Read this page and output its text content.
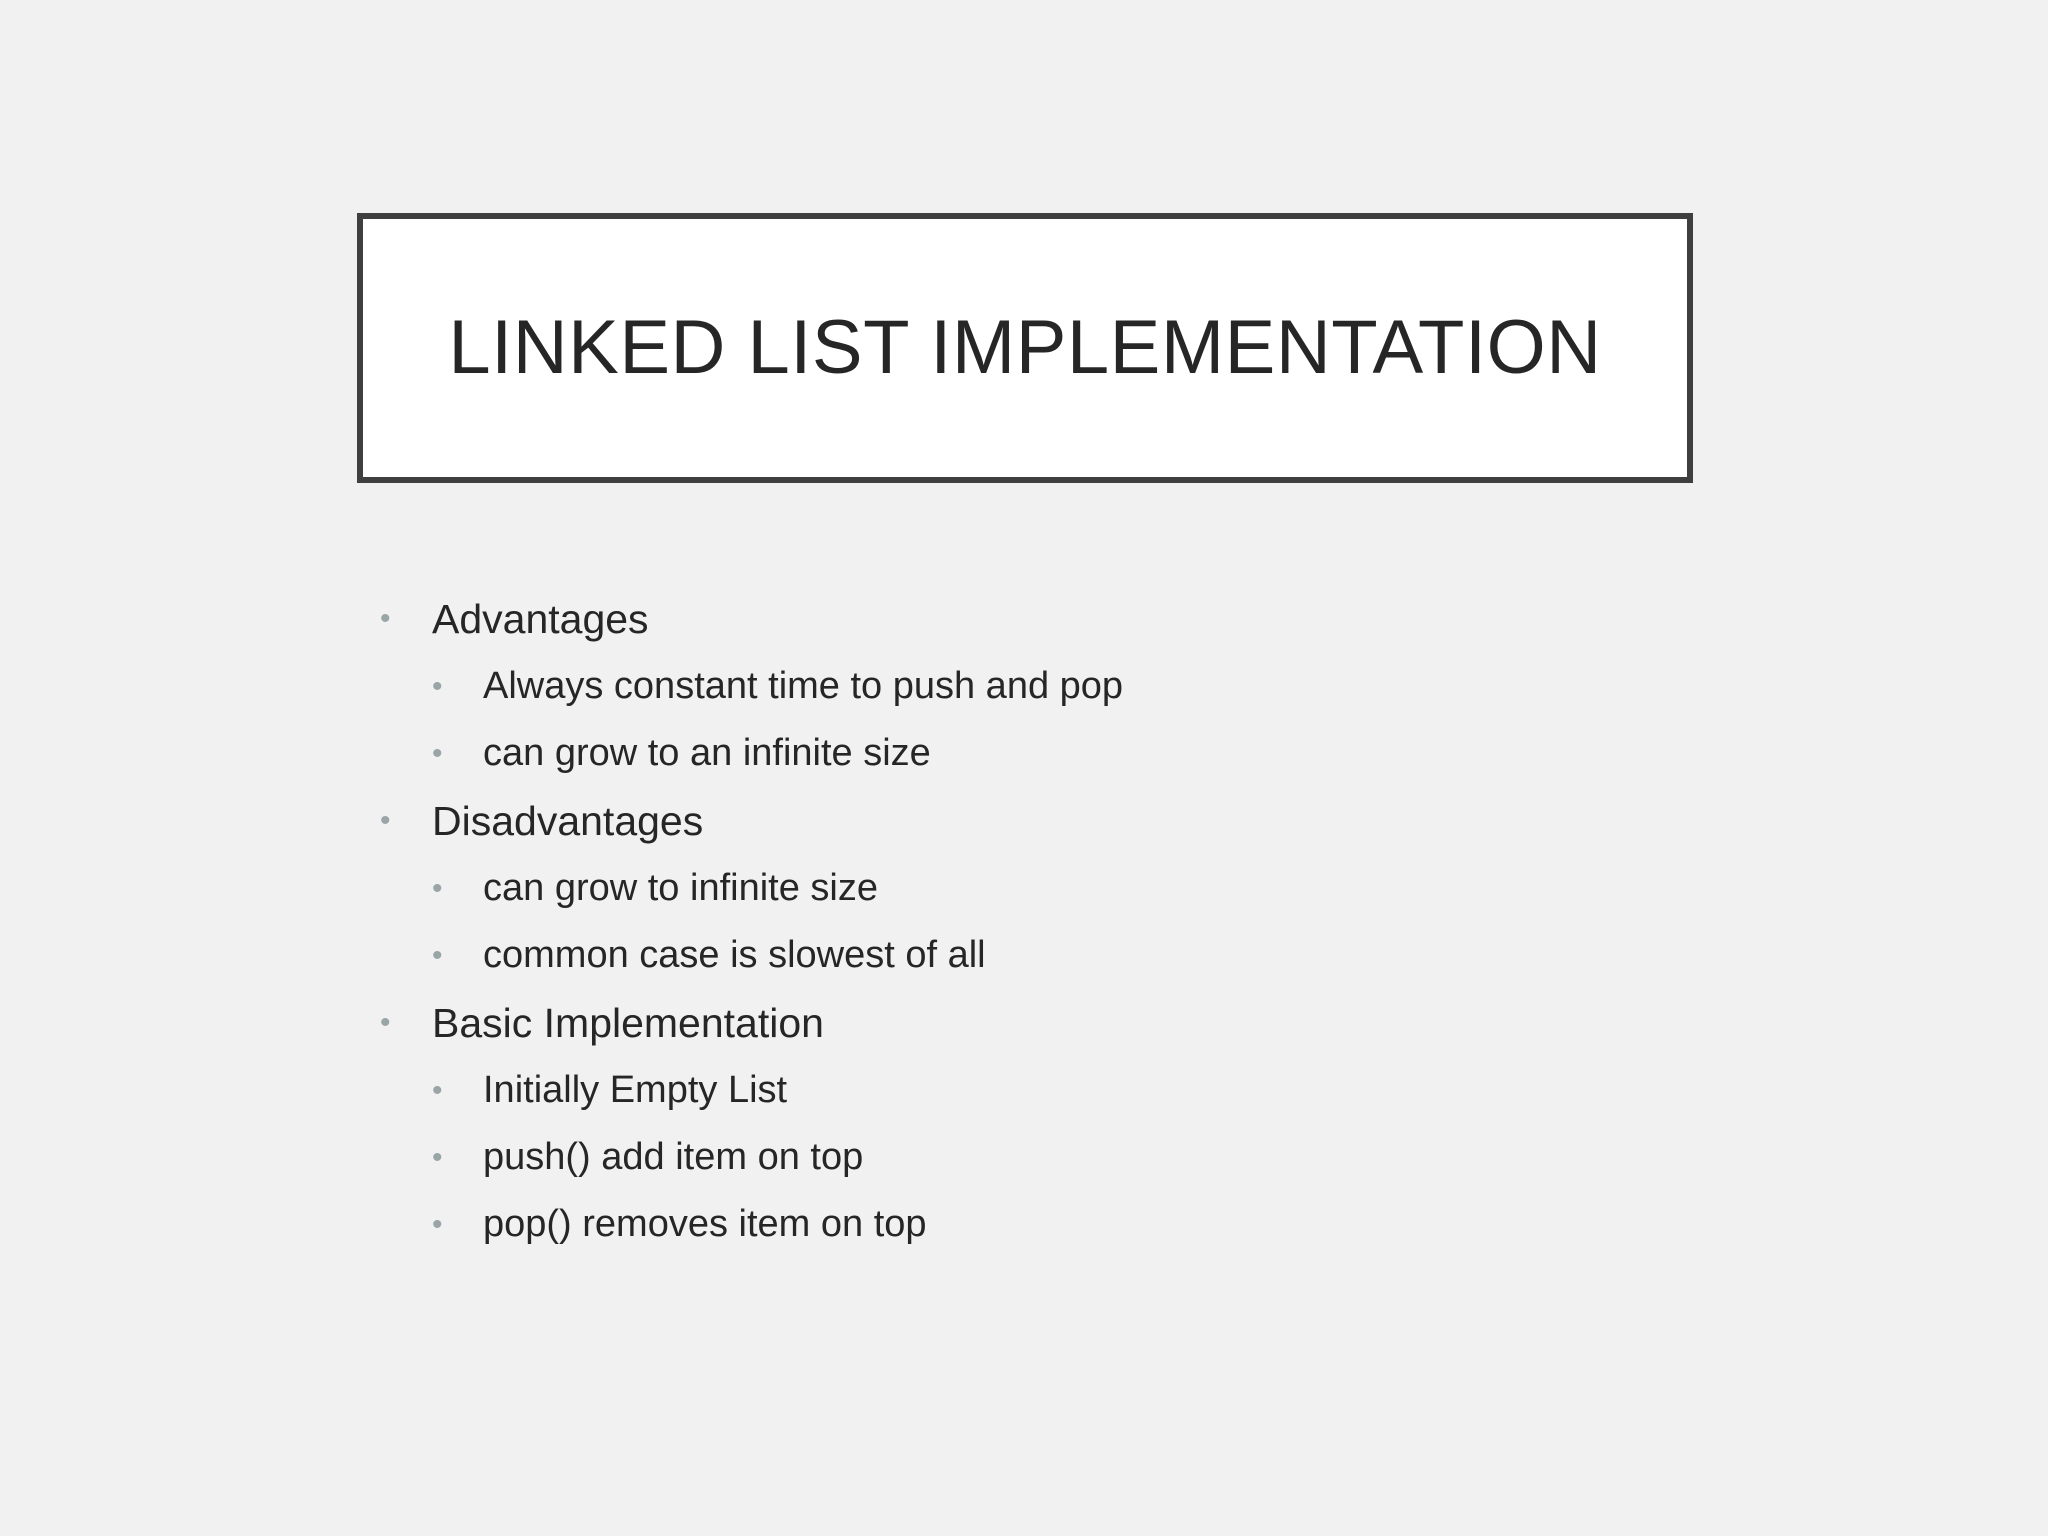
LINKED LIST IMPLEMENTATION
•	Advantages
•	Always constant time to push and pop
•	can grow to an infinite size
•	Disadvantages
•	can grow to infinite size
•	common case is slowest of all
•	Basic Implementation
•	Initially Empty List
•	push() add item on top
•	pop() removes item on top
